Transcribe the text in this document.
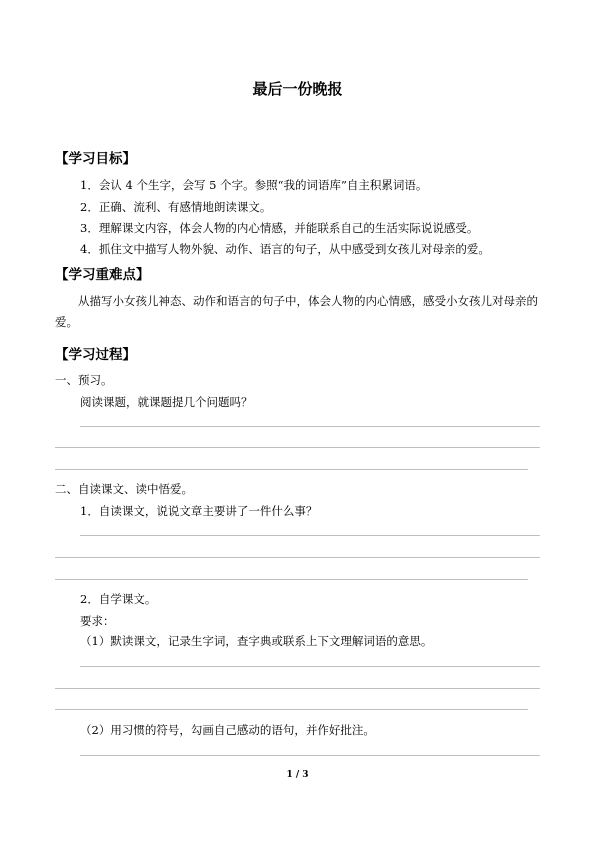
最后一份晚报
【学习目标】
1．会认 4 个生字，会写 5 个字。参照“我的词语库”自主积累词语。
2．正确、流利、有感情地朗读课文。
3．理解课文内容，体会人物的内心情感，并能联系自己的生活实际说说感受。
4．抓住文中描写人物外貌、动作、语言的句子，从中感受到女孩儿对母亲的爱。
【学习重难点】
从描写小女孩儿神态、动作和语言的句子中，体会人物的内心情感，感受小女孩儿对母亲的爱。
【学习过程】
一、预习。
阅读课题，就课题提几个问题吗？
二、自读课文、读中悟爱。
1．自读课文，说说文章主要讲了一件什么事？
2．自学课文。
要求：
（1）默读课文，记录生字词，查字典或联系上下文理解词语的意思。
（2）用习惯的符号，勾画自己感动的语句，并作好批注。
1 / 3
